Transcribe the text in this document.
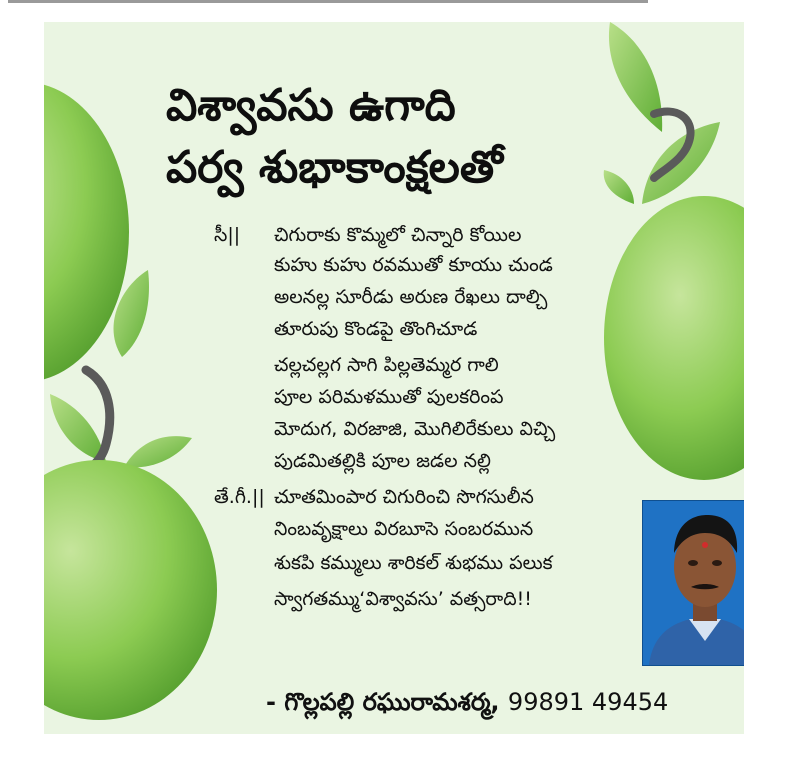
విశ్వావసు ఉగాది
పర్వ శుభాకాంక్షలతో
సీ|| చిగురాకు కొమ్మలో చిన్నారి కోయిల
కుహు కుహు రవముతో కూయు చుండ
అలనల్ల సూరీడు అరుణ రేఖలు దాల్చి
తూరుపు కొండపై తొంగిచూడ
చల్లచల్లగ సాగి పిల్లతెమ్మర గాలి
పూల పరిమళముతో పులకరింప
మోదుగ, విరజాజి, మొగిలిరేకులు విచ్చి
పుడమితల్లికి పూల జడల నల్లి
తే.గీ.|| చూతమింపార చిగురించి సొగసులీన
నింబవృక్షాలు విరబూసె సంబరమున
శుకపి కమ్ములు శారికల్ శుభము పలుక
స్వాగతమ్ము‘విశ్వావసు’ వత్సరాది!!
- గొల్లపల్లి రఘురామశర్మ, 99891 49454
